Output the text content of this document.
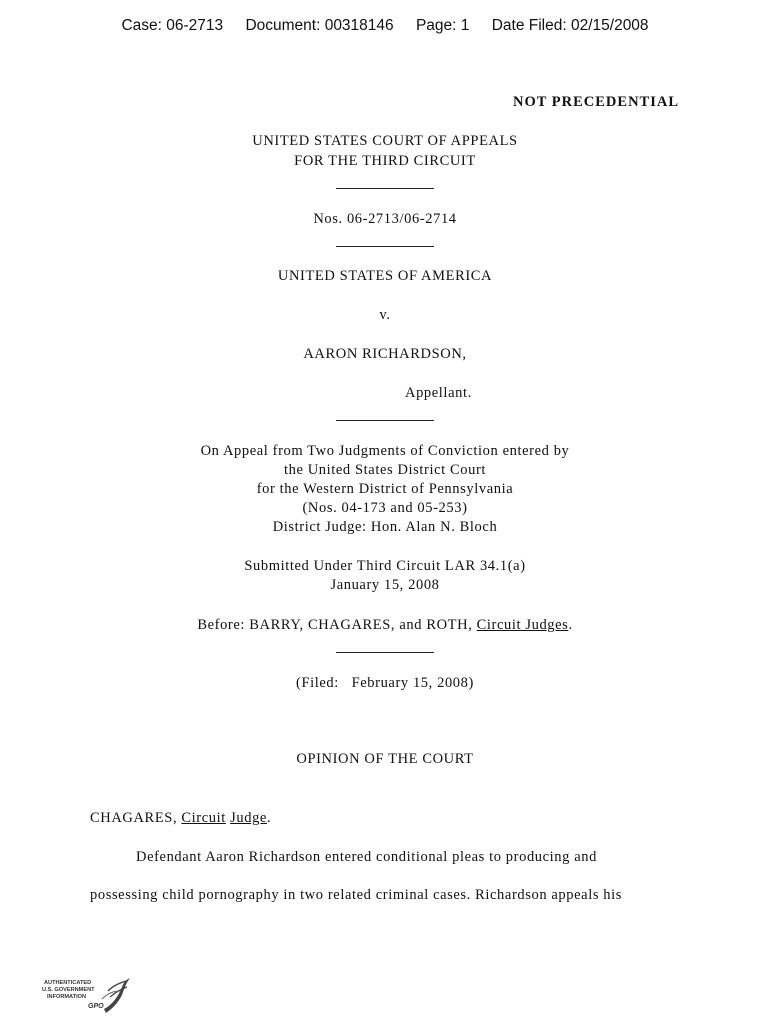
Case: 06-2713 Document: 00318146 Page: 1 Date Filed: 02/15/2008
NOT PRECEDENTIAL
UNITED STATES COURT OF APPEALS
FOR THE THIRD CIRCUIT
Nos. 06-2713/06-2714
UNITED STATES OF AMERICA
v.
AARON RICHARDSON,
Appellant.
On Appeal from Two Judgments of Conviction entered by
the United States District Court
for the Western District of Pennsylvania
(Nos. 04-173 and 05-253)
District Judge: Hon. Alan N. Bloch
Submitted Under Third Circuit LAR 34.1(a)
January 15, 2008
Before: BARRY, CHAGARES, and ROTH, Circuit Judges.
(Filed:   February 15, 2008)
OPINION OF THE COURT
CHAGARES, Circuit Judge.
Defendant Aaron Richardson entered conditional pleas to producing and
possessing child pornography in two related criminal cases. Richardson appeals his
AUTHENTICATED
U.S. GOVERNMENT
INFORMATION
GPO
